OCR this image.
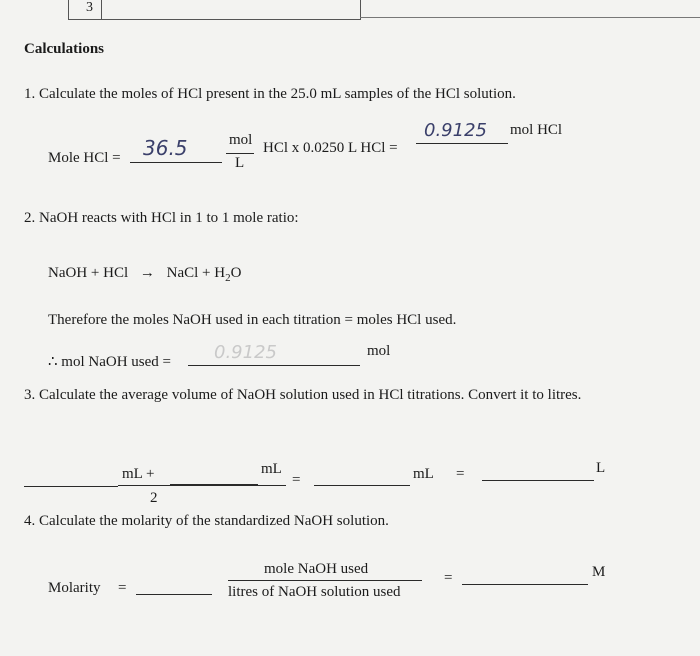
3
Calculations
1. Calculate the moles of HCl present in the 25.0 mL samples of the HCl solution.
Mole HCl = 36.5	mol
L
HCl x 0.0250 L HCl =
0.9125 mol HCl
2. NaOH reacts with HCl in 1 to 1 mole ratio:
NaOH + HCl → NaCl + $H_2O$
Therefore the moles NaOH used in each titration = moles HCl used.
∴ mol NaOH used = 0.9125	mol
3. Calculate the average volume of NaOH solution used in HCl titrations. Convert it to litres.
mL +	mL
2
=	mL =	L
4. Calculate the molarity of the standardized NaOH solution.
Molarity =
mole NaOH used
litres of NaOH solution used
=	M
